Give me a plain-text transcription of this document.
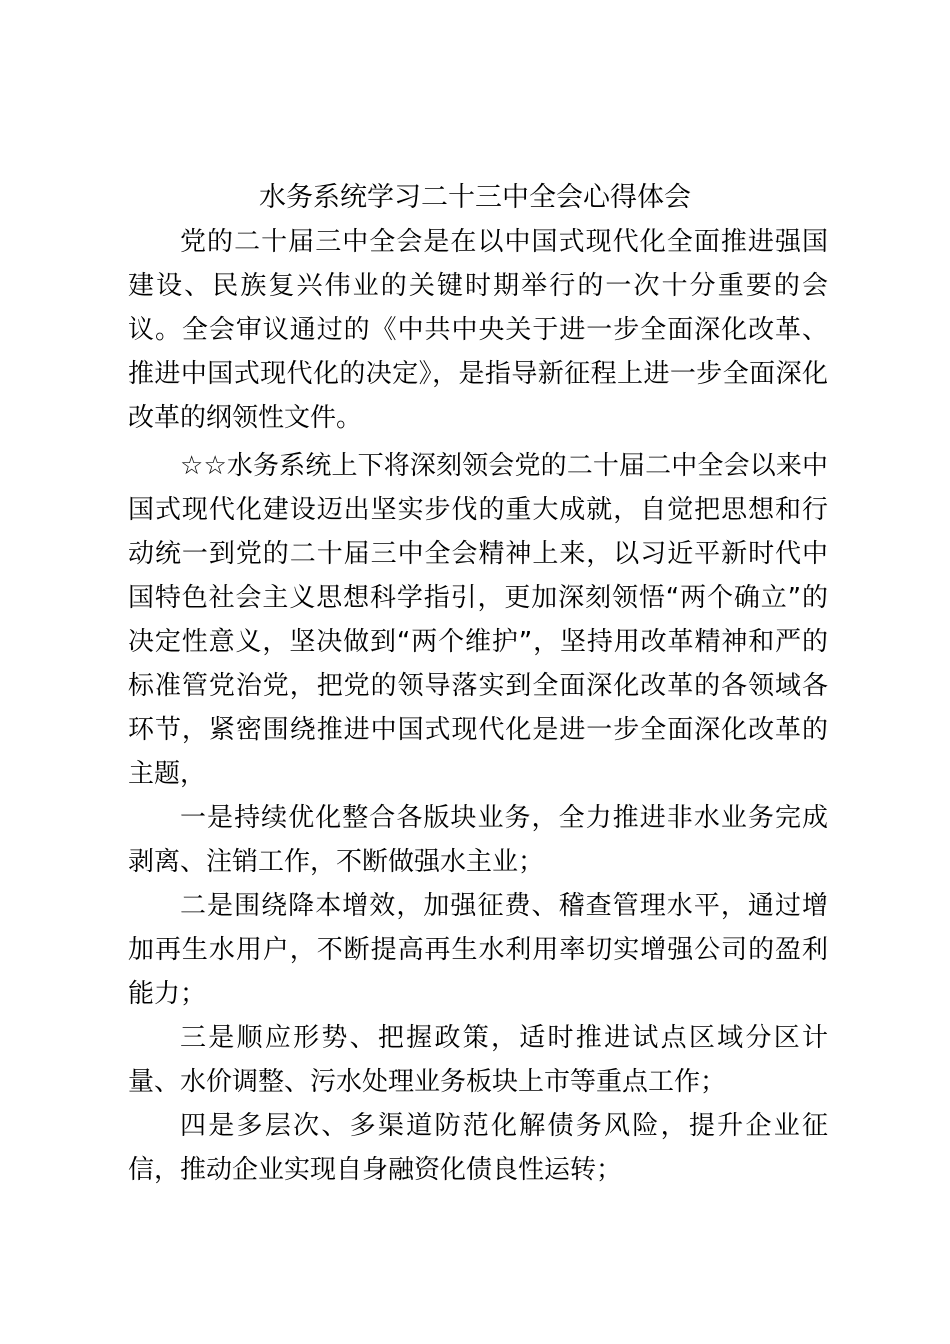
水务系统学习二十三中全会心得体会

党的二十届三中全会是在以中国式现代化全面推进强国建设、民族复兴伟业的关键时期举行的一次十分重要的会议。全会审议通过的《中共中央关于进一步全面深化改革、推进中国式现代化的决定》，是指导新征程上进一步全面深化改革的纲领性文件。

☆☆水务系统上下将深刻领会党的二十届二中全会以来中国式现代化建设迈出坚实步伐的重大成就，自觉把思想和行动统一到党的二十届三中全会精神上来，以习近平新时代中国特色社会主义思想科学指引，更加深刻领悟“两个确立”的决定性意义，坚决做到“两个维护”，坚持用改革精神和严的标准管党治党，把党的领导落实到全面深化改革的各领域各环节，紧密围绕推进中国式现代化是进一步全面深化改革的主题，

一是持续优化整合各版块业务，全力推进非水业务完成剥离、注销工作，不断做强水主业；

二是围绕降本增效，加强征费、稽查管理水平，通过增加再生水用户，不断提高再生水利用率切实增强公司的盈利能力；

三是顺应形势、把握政策，适时推进试点区域分区计量、水价调整、污水处理业务板块上市等重点工作；

四是多层次、多渠道防范化解债务风险，提升企业征信，推动企业实现自身融资化债良性运转；
